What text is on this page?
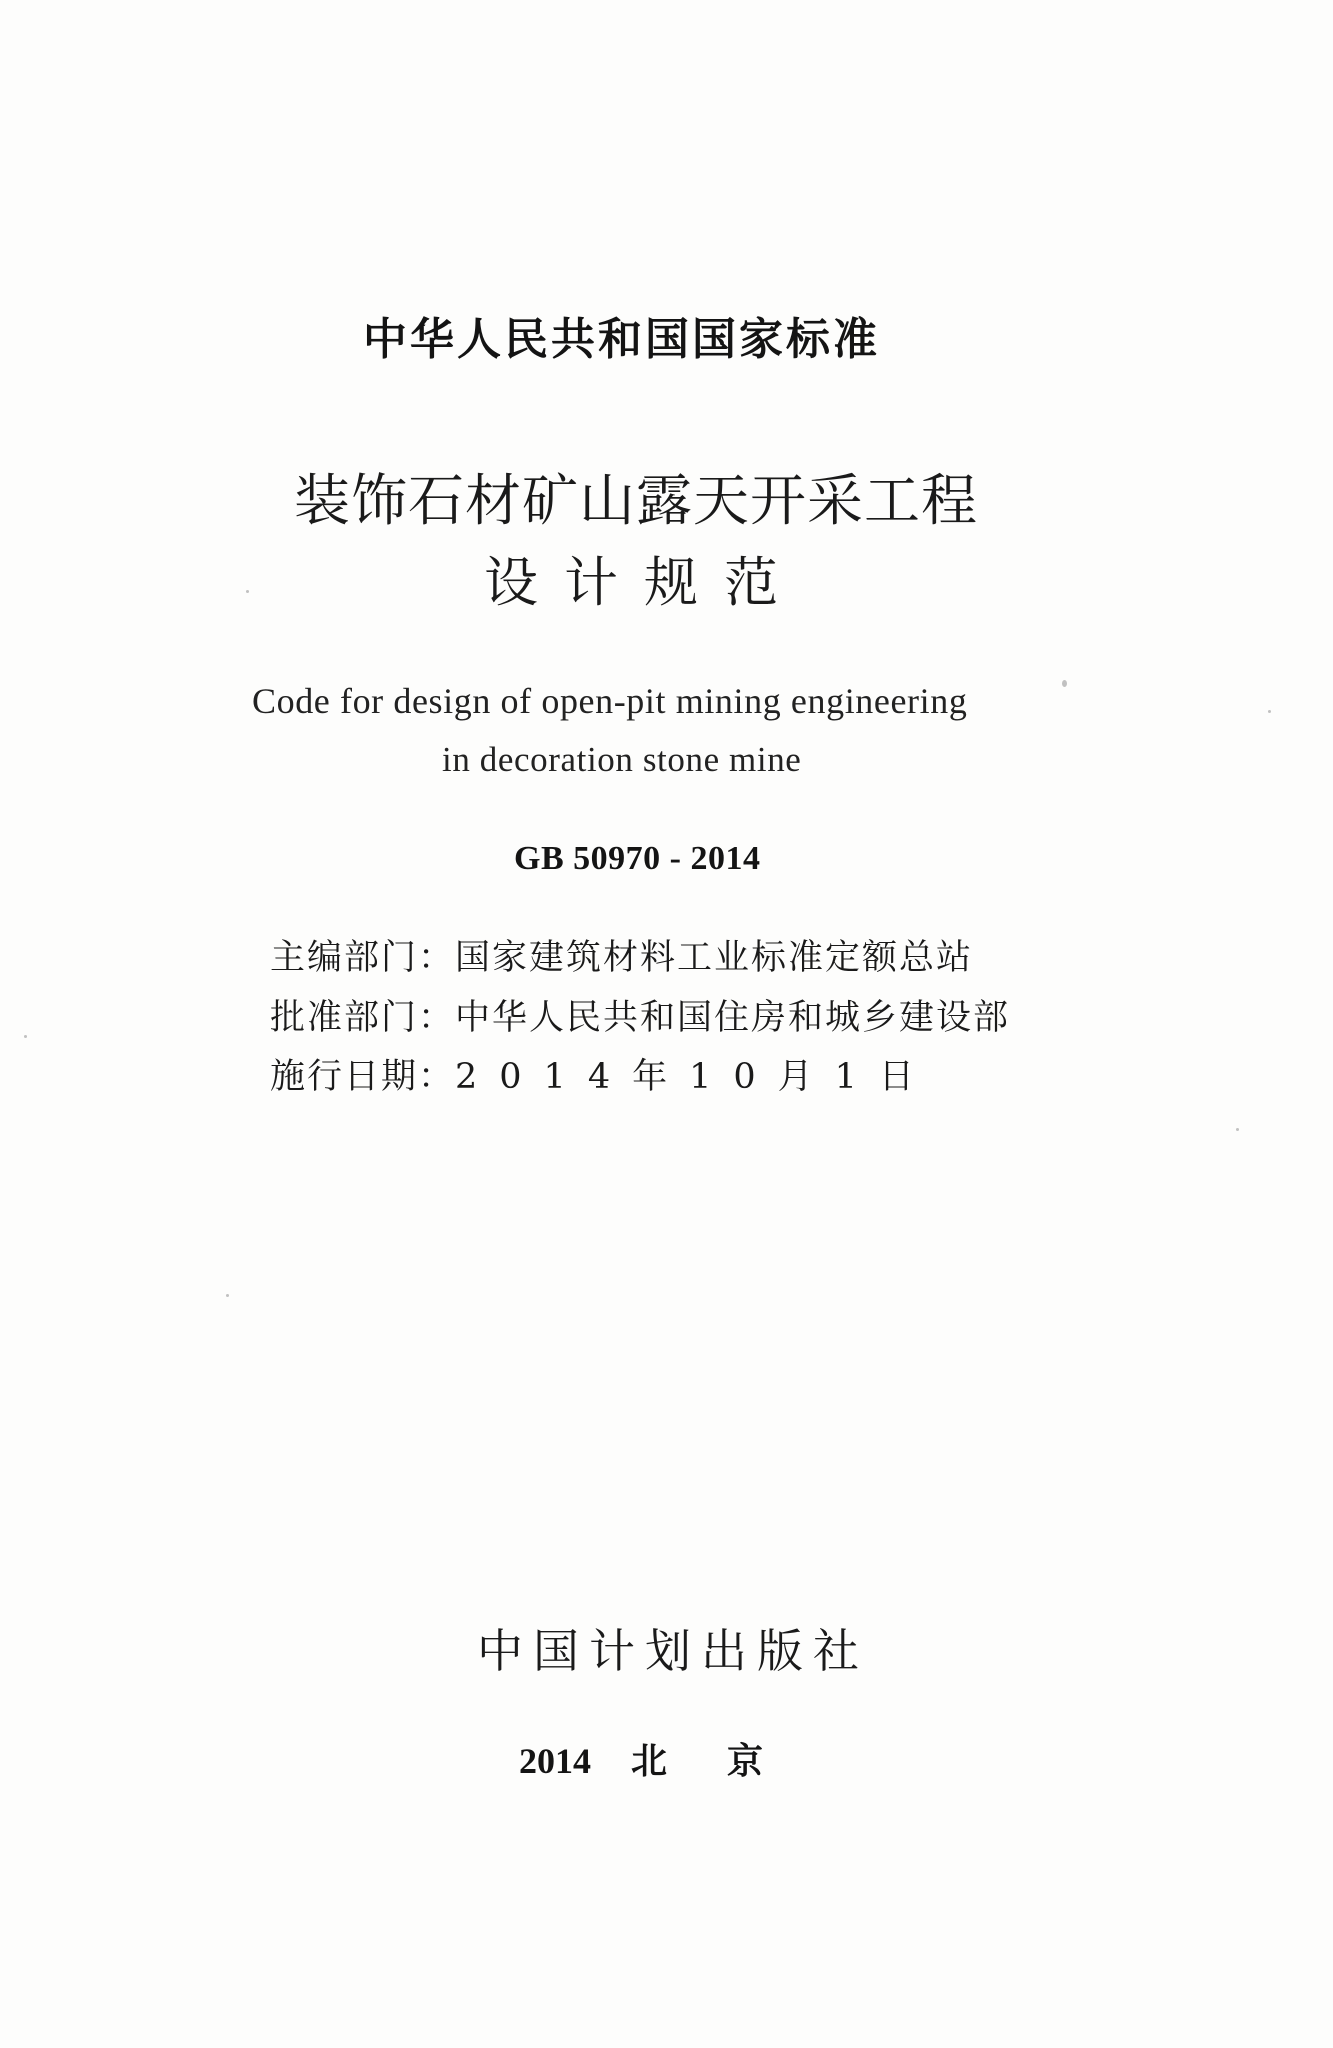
中华人民共和国国家标准
装饰石材矿山露天开采工程
设计规范
Code for design of open-pit mining engineering
in decoration stone mine
GB 50970 - 2014
主编部门：国家建筑材料工业标准定额总站
批准部门：中华人民共和国住房和城乡建设部
施行日期：2014年10月1日
中国计划出版社
2014 北京
